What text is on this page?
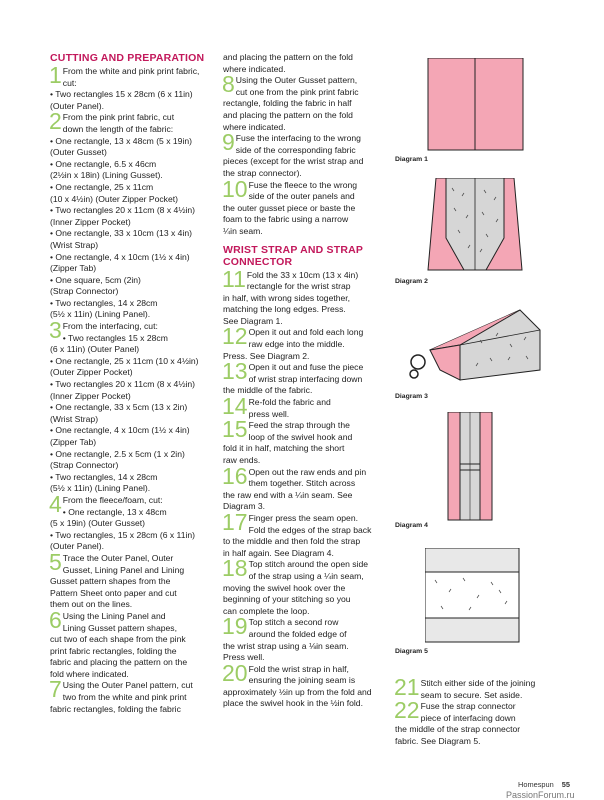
CUTTING AND PREPARATION
1 From the white and pink print fabric,
cut:
• Two rectangles 15 x 28cm (6 x 11in)
(Outer Panel).
2 From the pink print fabric, cut
down the length of the fabric:
• One rectangle, 13 x 48cm (5 x 19in)
(Outer Gusset)
• One rectangle, 6.5 x 46cm
(2½in x 18in) (Lining Gusset).
• One rectangle, 25 x 11cm
(10 x 4½in) (Outer Zipper Pocket)
• Two rectangles 20 x 11cm (8 x 4½in)
(Inner Zipper Pocket)
• One rectangle, 33 x 10cm (13 x 4in)
(Wrist Strap)
• One rectangle, 4 x 10cm (1½ x 4in)
(Zipper Tab)
• One square, 5cm (2in)
(Strap Connector)
• Two rectangles, 14 x 28cm
(5½ x 11in) (Lining Panel).
3 From the interfacing, cut:
• Two rectangles 15 x 28cm
(6 x 11in) (Outer Panel)
• One rectangle, 25 x 11cm (10 x 4½in)
(Outer Zipper Pocket)
• Two rectangles 20 x 11cm (8 x 4½in)
(Inner Zipper Pocket)
• One rectangle, 33 x 5cm (13 x 2in)
(Wrist Strap)
• One rectangle, 4 x 10cm (1½ x 4in)
(Zipper Tab)
• One rectangle, 2.5 x 5cm (1 x 2in)
(Strap Connector)
• Two rectangles, 14 x 28cm
(5½ x 11in) (Lining Panel).
4 From the fleece/foam, cut:
• One rectangle, 13 x 48cm
(5 x 19in) (Outer Gusset)
• Two rectangles, 15 x 28cm (6 x 11in)
(Outer Panel).
5 Trace the Outer Panel, Outer
Gusset, Lining Panel and Lining
Gusset pattern shapes from the
Pattern Sheet onto paper and cut
them out on the lines.
6 Using the Lining Panel and
Lining Gusset pattern shapes,
cut two of each shape from the pink
print fabric rectangles, folding the
fabric and placing the pattern on the
fold where indicated.
7 Using the Outer Panel pattern, cut
two from the white and pink print
fabric rectangles, folding the fabric
and placing the pattern on the fold
where indicated.
8 Using the Outer Gusset pattern,
cut one from the pink print fabric
rectangle, folding the fabric in half
and placing the pattern on the fold
where indicated.
9 Fuse the interfacing to the wrong
side of the corresponding fabric
pieces (except for the wrist strap and
the strap connector).
10 Fuse the fleece to the wrong
side of the outer panels and
the outer gusset piece or baste the
foam to the fabric using a narrow
¼in seam.
WRIST STRAP AND STRAP
CONNECTOR
11 Fold the 33 x 10cm (13 x 4in)
rectangle for the wrist strap
in half, with wrong sides together,
matching the long edges. Press.
See Diagram 1.
12 Open it out and fold each long
raw edge into the middle.
Press. See Diagram 2.
13 Open it out and fuse the piece
of wrist strap interfacing down
the middle of the fabric.
14 Re-fold the fabric and
press well.
15 Feed the strap through the
loop of the swivel hook and
fold it in half, matching the short
raw ends.
16 Open out the raw ends and pin
them together. Stitch across
the raw end with a ¼in seam. See
Diagram 3.
17 Finger press the seam open.
Fold the edges of the strap back
to the middle and then fold the strap
in half again. See Diagram 4.
18 Top stitch around the open side
of the strap using a ¼in seam,
moving the swivel hook over the
beginning of your stitching so you
can complete the loop.
19 Top stitch a second row
around the folded edge of
the wrist strap using a ⅛in seam.
Press well.
20 Fold the wrist strap in half,
ensuring the joining seam is
approximately ½in up from the fold and
place the swivel hook in the ½in fold.
21 Stitch either side of the joining
seam to secure. Set aside.
22 Fuse the strap connector
piece of interfacing down
the middle of the strap connector
fabric. See Diagram 5.
Diagram 1
Diagram 2
Diagram 3
Diagram 4
Diagram 5
Homespun 55
PassionForum.ru
